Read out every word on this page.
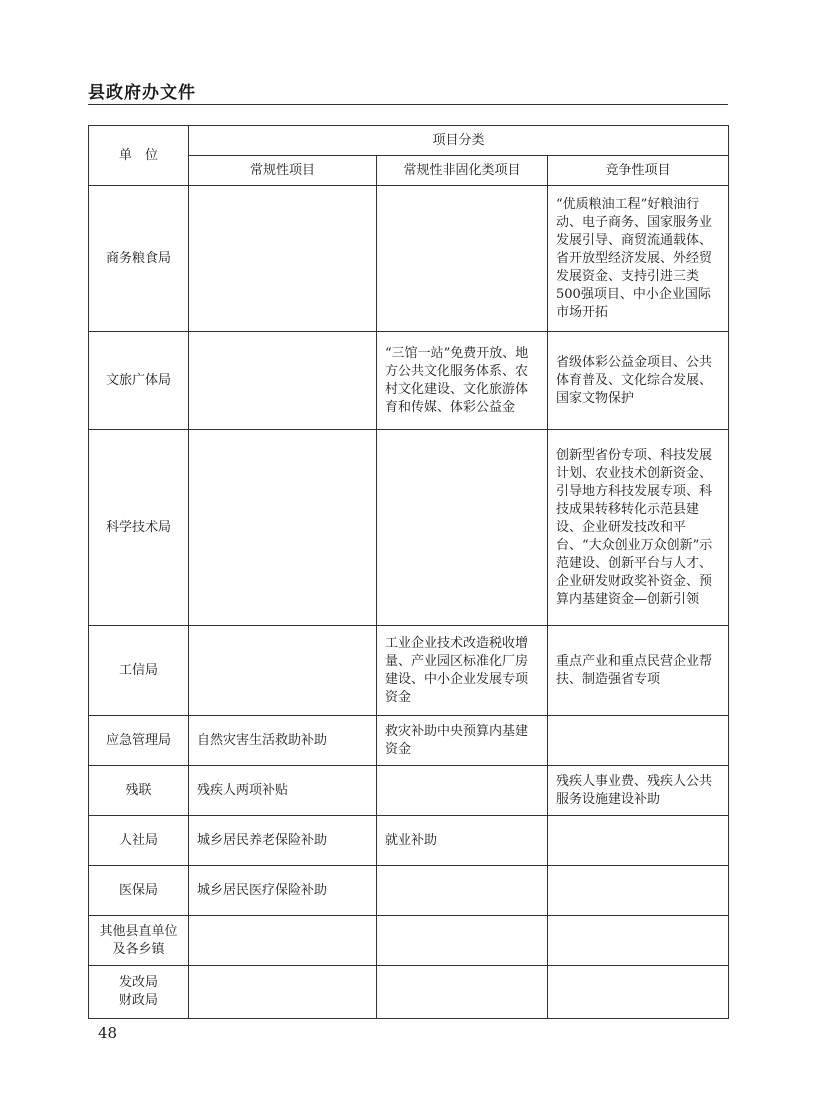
县政府办文件
单　位	项目分类		
	常规性项目	常规性非固化类项目	竞争性项目
商务粮食局			“优质粮油工程”好粮油行动、电子商务、国家服务业发展引导、商贸流通载体、省开放型经济发展、外经贸发展资金、支持引进三类500强项目、中小企业国际市场开拓
文旅广体局		“三馆一站”免费开放、地方公共文化服务体系、农村文化建设、文化旅游体育和传媒、体彩公益金	省级体彩公益金项目、公共体育普及、文化综合发展、国家文物保护
科学技术局			创新型省份专项、科技发展计划、农业技术创新资金、引导地方科技发展专项、科技成果转移转化示范县建设、企业研发技改和平台、“大众创业万众创新”示范建设、创新平台与人才、企业研发财政奖补资金、预算内基建资金—创新引领
工信局		工业企业技术改造税收增量、产业园区标准化厂房建设、中小企业发展专项资金	重点产业和重点民营企业帮扶、制造强省专项
应急管理局	自然灾害生活救助补助	救灾补助中央预算内基建资金	
残联	残疾人两项补贴		残疾人事业费、残疾人公共服务设施建设补助
人社局	城乡居民养老保险补助	就业补助	
医保局	城乡居民医疗保险补助		
其他县直单位及各乡镇			
发改局
财政局			
48
